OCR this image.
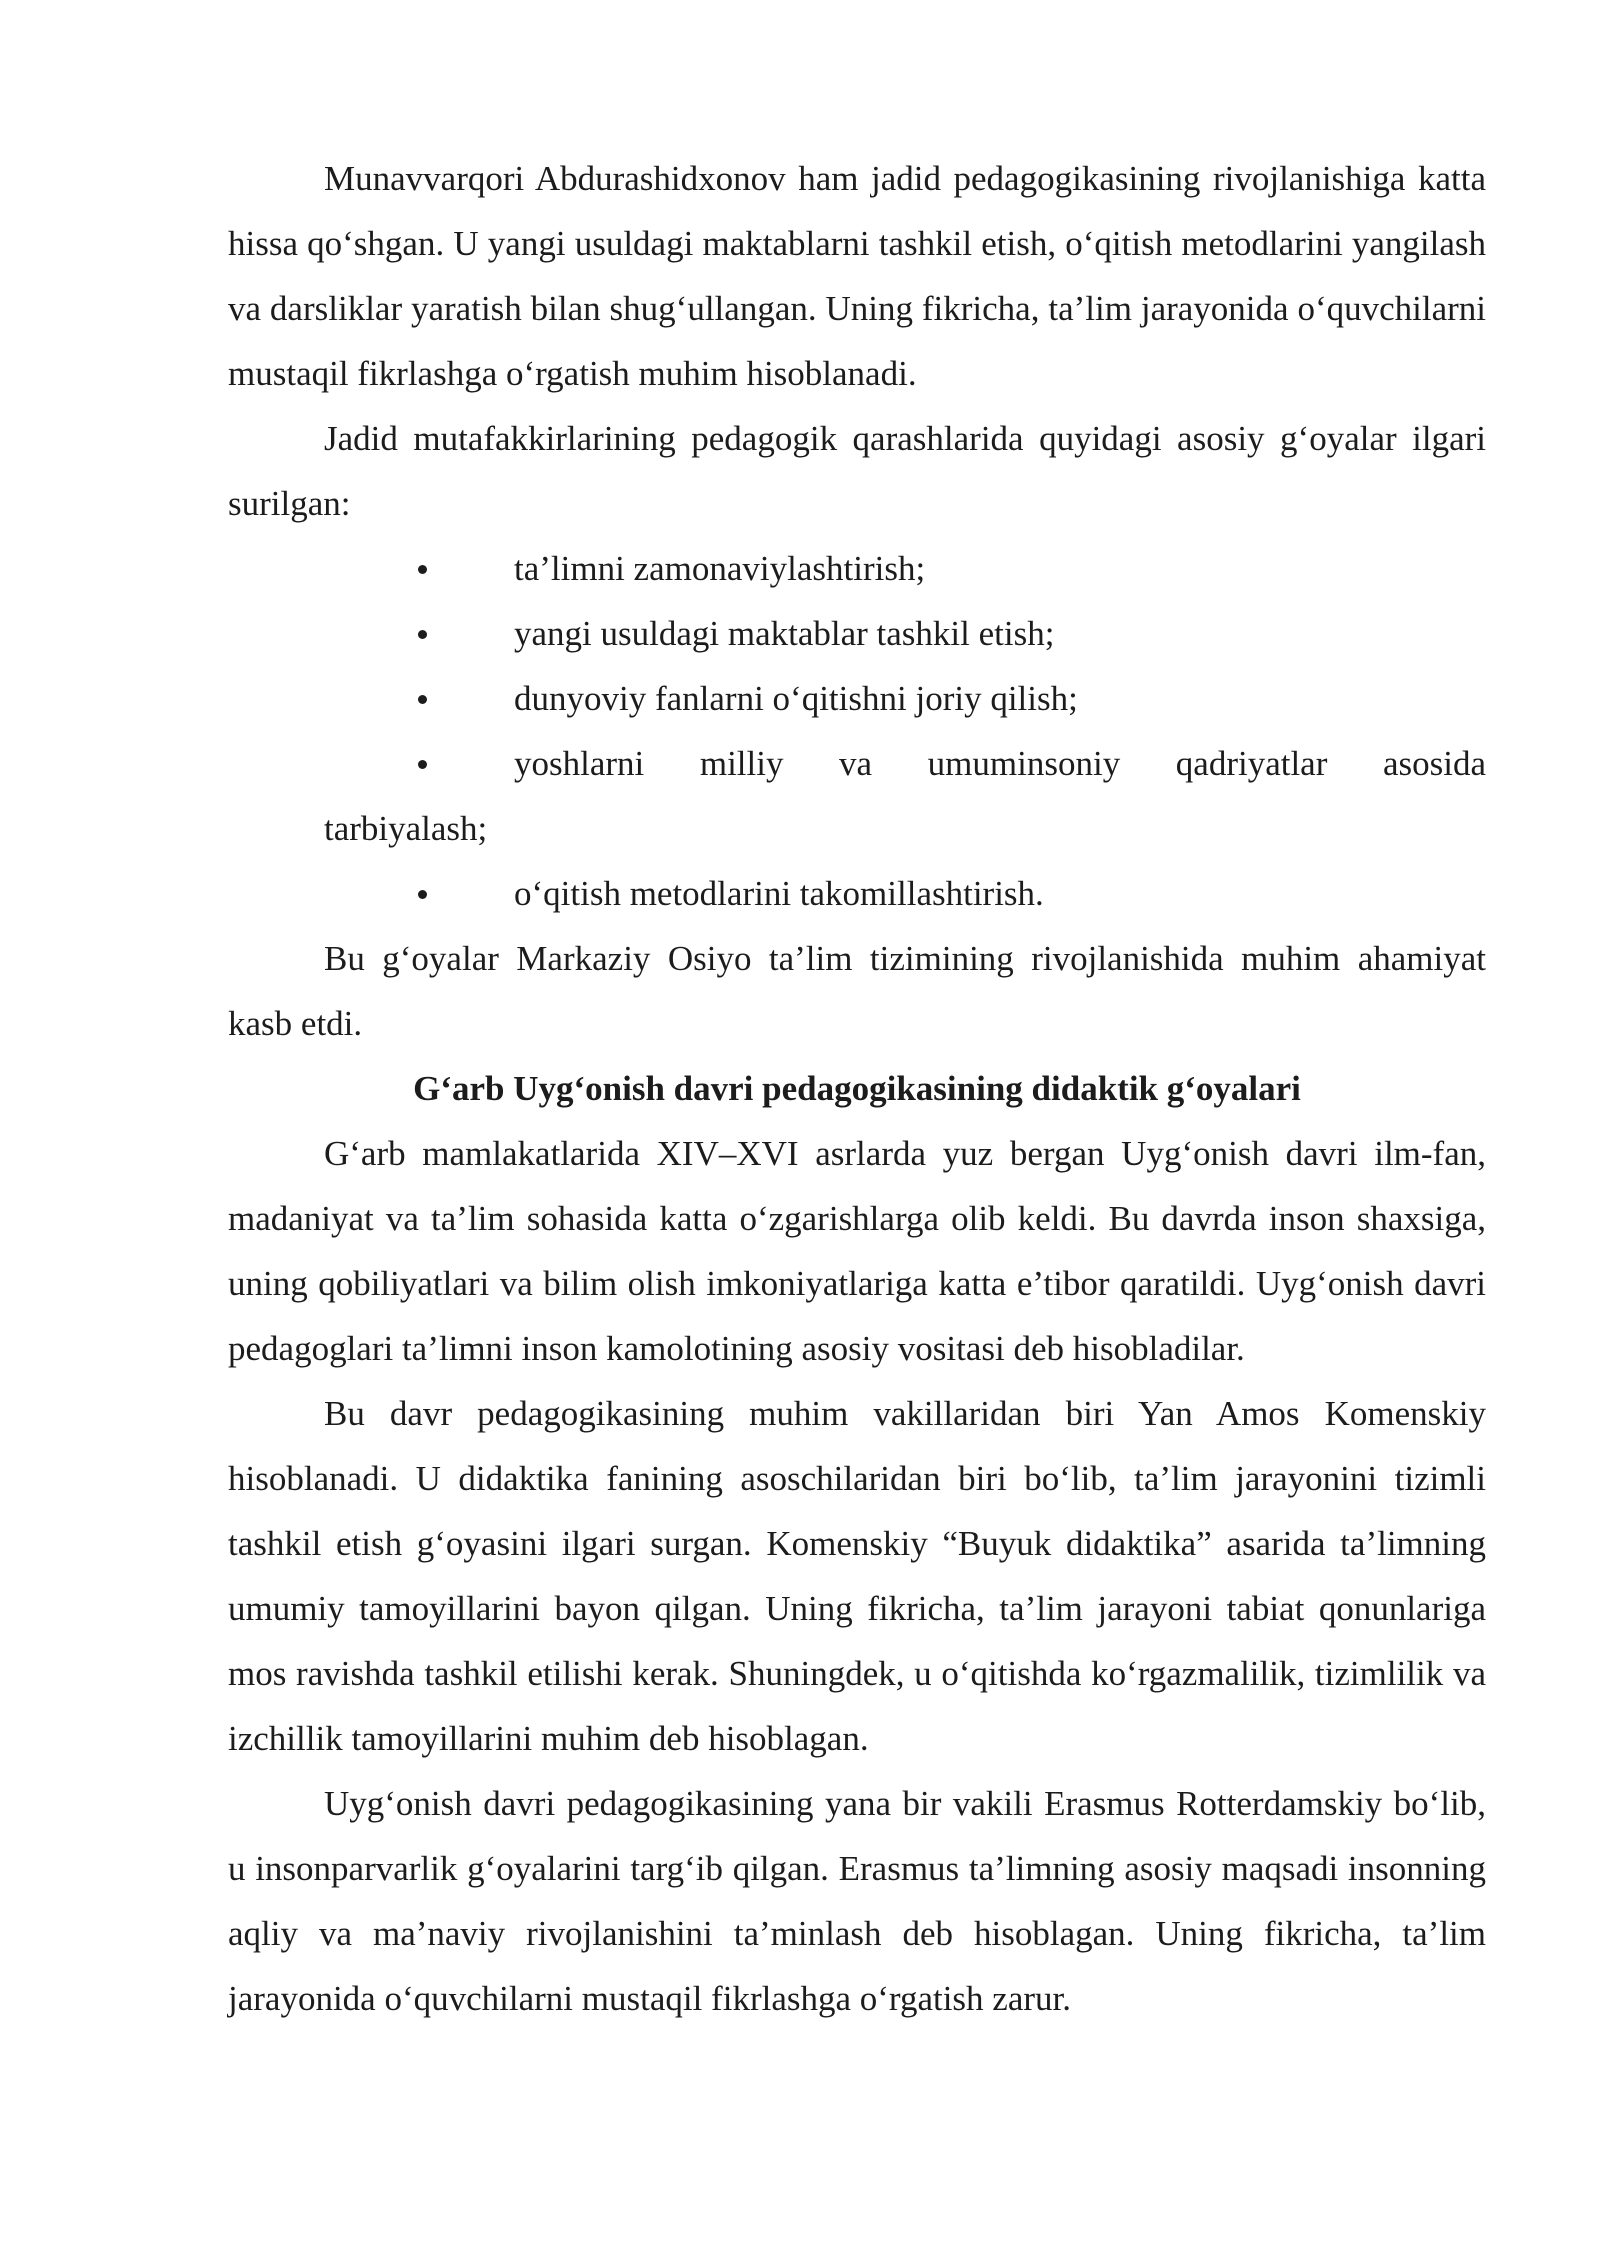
Munavvarqori Abdurashidxonov ham jadid pedagogikasining rivojlanishiga katta hissa qo‘shgan. U yangi usuldagi maktablarni tashkil etish, o‘qitish metodlarini yangilash va darsliklar yaratish bilan shug‘ullangan. Uning fikricha, ta’lim jarayonida o‘quvchilarni mustaqil fikrlashga o‘rgatish muhim hisoblanadi.

Jadid mutafakkirlarining pedagogik qarashlarida quyidagi asosiy g‘oyalar ilgari surilgan:

ta’limni zamonaviylashtirish;
yangi usuldagi maktablar tashkil etish;
dunyoviy fanlarni o‘qitishni joriy qilish;
yoshlarni milliy va umuminsoniy qadriyatlar asosida
tarbiyalash;
o‘qitish metodlarini takomillashtirish.

Bu g‘oyalar Markaziy Osiyo ta’lim tizimining rivojlanishida muhim ahamiyat kasb etdi.

G‘arb Uyg‘onish davri pedagogikasining didaktik g‘oyalari

G‘arb mamlakatlarida XIV–XVI asrlarda yuz bergan Uyg‘onish davri ilm-fan, madaniyat va ta’lim sohasida katta o‘zgarishlarga olib keldi. Bu davrda inson shaxsiga, uning qobiliyatlari va bilim olish imkoniyatlariga katta e’tibor qaratildi. Uyg‘onish davri pedagoglari ta’limni inson kamolotining asosiy vositasi deb hisobladilar.

Bu davr pedagogikasining muhim vakillaridan biri Yan Amos Komenskiy hisoblanadi. U didaktika fanining asoschilaridan biri bo‘lib, ta’lim jarayonini tizimli tashkil etish g‘oyasini ilgari surgan. Komenskiy “Buyuk didaktika” asarida ta’limning umumiy tamoyillarini bayon qilgan. Uning fikricha, ta’lim jarayoni tabiat qonunlariga mos ravishda tashkil etilishi kerak. Shuningdek, u o‘qitishda ko‘rgazmalilik, tizimlilik va izchillik tamoyillarini muhim deb hisoblagan.

Uyg‘onish davri pedagogikasining yana bir vakili Erasmus Rotterdamskiy bo‘lib, u insonparvarlik g‘oyalarini targ‘ib qilgan. Erasmus ta’limning asosiy maqsadi insonning aqliy va ma’naviy rivojlanishini ta’minlash deb hisoblagan. Uning fikricha, ta’lim jarayonida o‘quvchilarni mustaqil fikrlashga o‘rgatish zarur.
